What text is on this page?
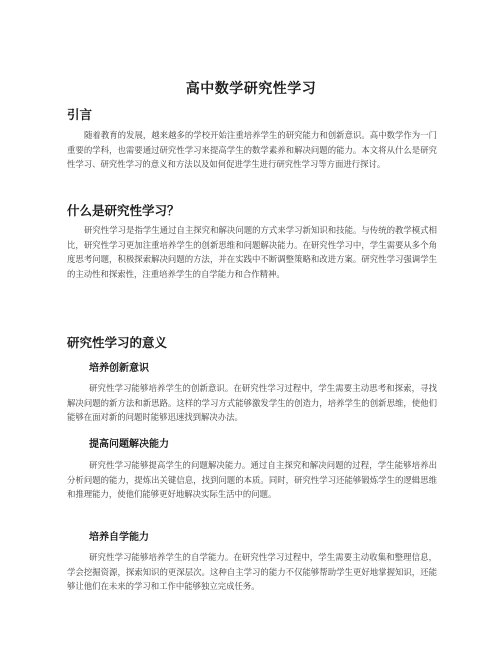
高中数学研究性学习
引言

随着教育的发展，越来越多的学校开始注重培养学生的研究能力和创新意识。高中数学作为一门重要的学科，也需要通过研究性学习来提高学生的数学素养和解决问题的能力。本文将从什么是研究性学习、研究性学习的意义和方法以及如何促进学生进行研究性学习等方面进行探讨。

什么是研究性学习？

研究性学习是指学生通过自主探究和解决问题的方式来学习新知识和技能。与传统的教学模式相比，研究性学习更加注重培养学生的创新思维和问题解决能力。在研究性学习中，学生需要从多个角度思考问题，积极探索解决问题的方法，并在实践中不断调整策略和改进方案。研究性学习强调学生的主动性和探索性，注重培养学生的自学能力和合作精神。

研究性学习的意义
培养创新意识

研究性学习能够培养学生的创新意识。在研究性学习过程中，学生需要主动思考和探索，寻找解决问题的新方法和新思路。这样的学习方式能够激发学生的创造力，培养学生的创新思维，使他们能够在面对新的问题时能够迅速找到解决办法。

提高问题解决能力

研究性学习能够提高学生的问题解决能力。通过自主探究和解决问题的过程，学生能够培养出分析问题的能力，提炼出关键信息，找到问题的本质。同时，研究性学习还能够锻炼学生的逻辑思维和推理能力，使他们能够更好地解决实际生活中的问题。

培养自学能力

研究性学习能够培养学生的自学能力。在研究性学习过程中，学生需要主动收集和整理信息，学会挖掘资源，探索知识的更深层次。这种自主学习的能力不仅能够帮助学生更好地掌握知识，还能够让他们在未来的学习和工作中能够独立完成任务。
